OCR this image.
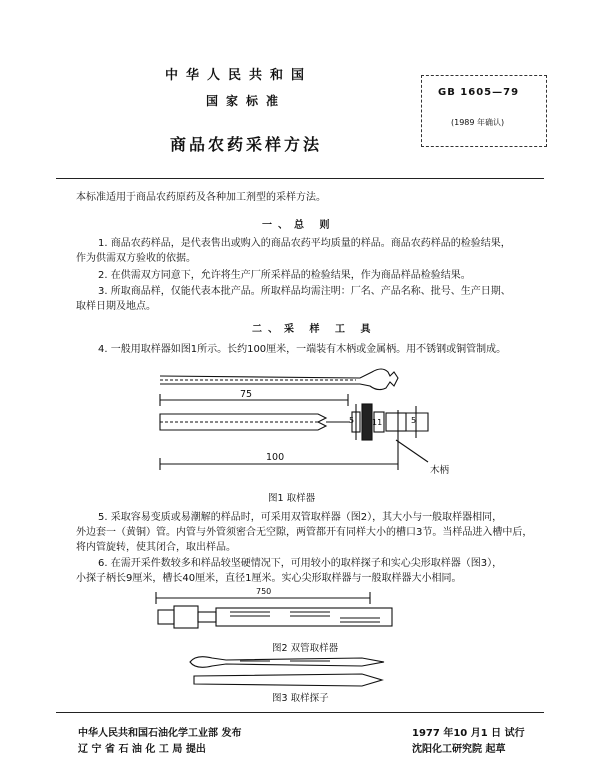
中华人民共和国
国家标准
商品农药采样方法
GB 1605—79
(1989 年确认)
本标准适用于商品农药原药及各种加工剂型的采样方法。
一、总 则
1. 商品农药样品，是代表售出或购入的商品农药平均质量的样品。商品农药样品的检验结果，
作为供需双方验收的依据。
2. 在供需双方同意下，允许将生产厂所采样品的检验结果，作为商品样品检验结果。
3. 所取商品样，仅能代表本批产品。所取样品均需注明：厂名、产品名称、批号、生产日期、
取样日期及地点。
二、采 样 工 具
4. 一般用取样器如图1所示。长约100厘米，一端装有木柄或金属柄。用不锈钢或铜管制成。
75
5 11	5
100
木柄
图1 取样器
5. 采取容易变质或易潮解的样品时，可采用双管取样器（图2），其大小与一般取样器相同，
外边套一（黄铜）管。内管与外管须密合无空隙，两管都开有同样大小的槽口3节。当样品进入槽中后，
将内管旋转，使其闭合，取出样品。
6. 在需开采件数较多和样品较坚硬情况下，可用较小的取样探子和实心尖形取样器（图3），
小探子柄长9厘米，槽长40厘米，直径1厘米。实心尖形取样器与一般取样器大小相同。
750
图2 双管取样器
图3 取样探子
中华人民共和国石油化学工业部 发布
辽 宁 省 石 油 化 工 局 提出
1977 年10 月1 日 试行
沈阳化工研究院 起草
